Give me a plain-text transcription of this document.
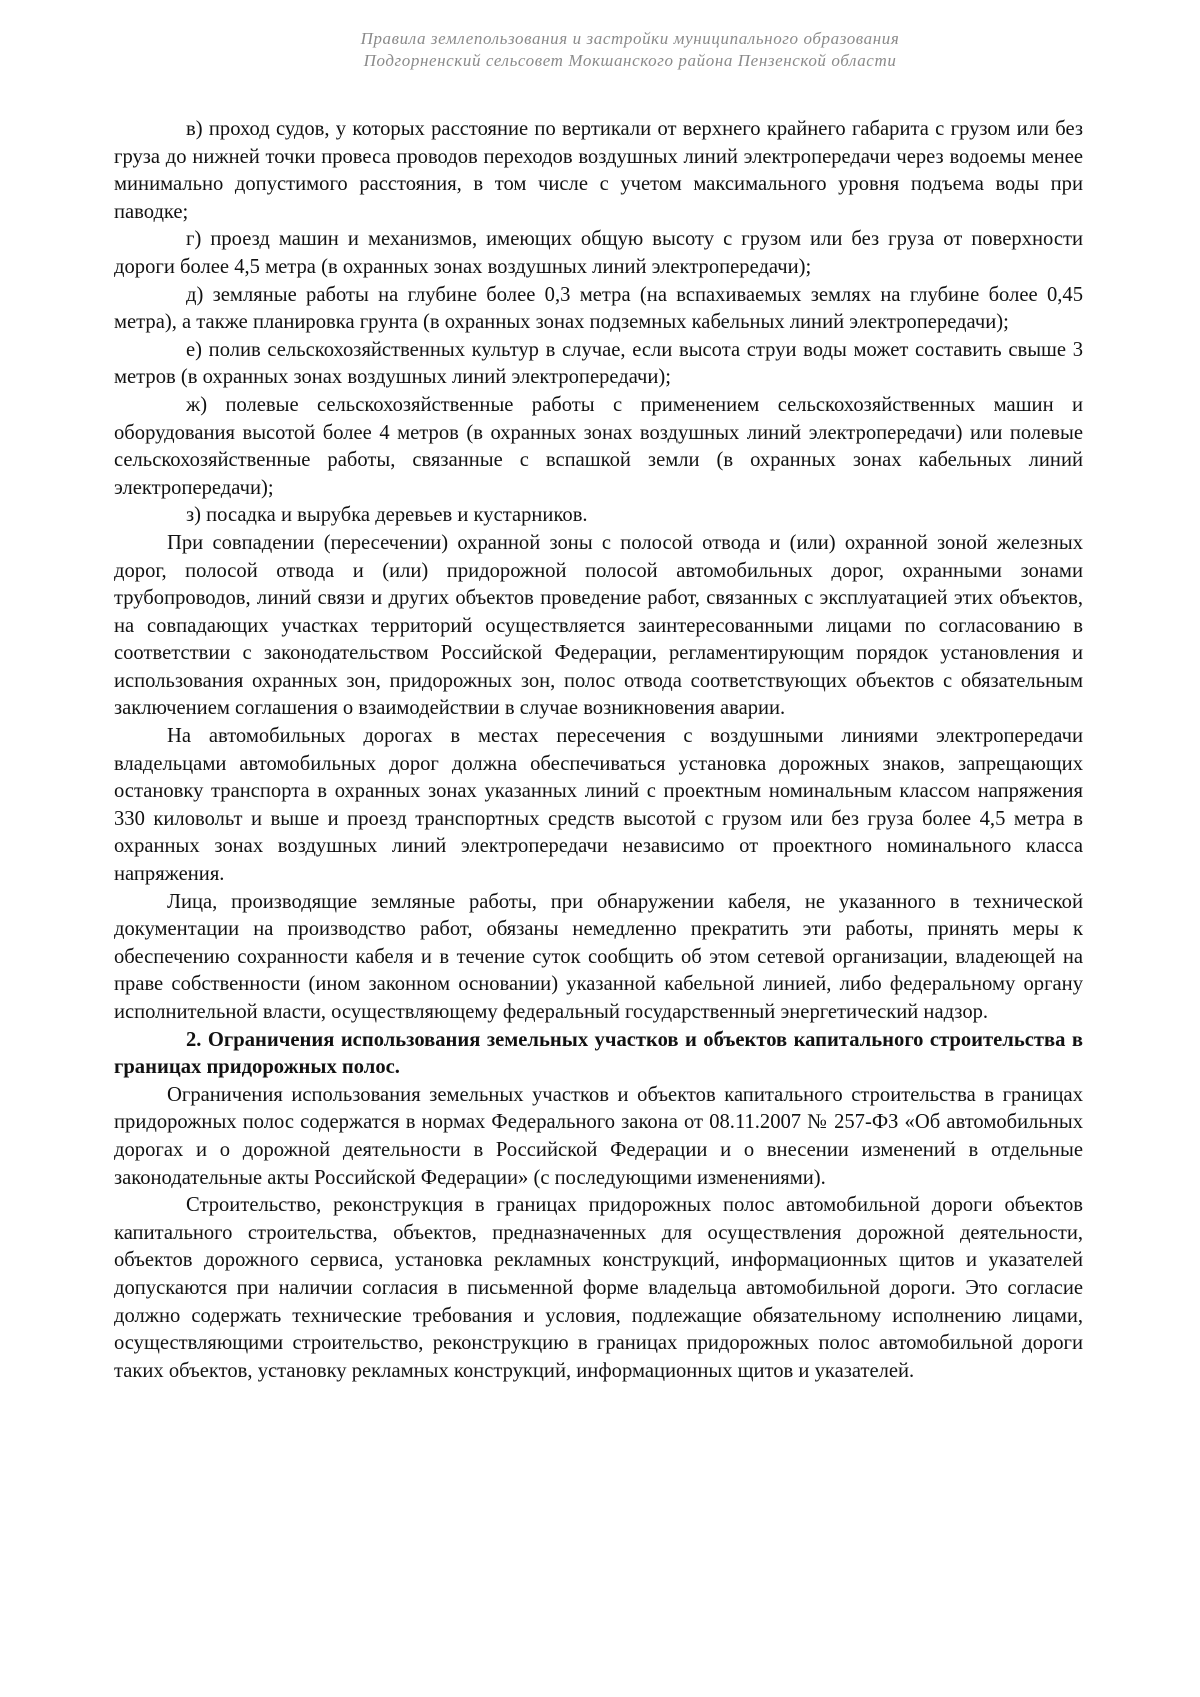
Правила землепользования и застройки муниципального образования
Подгорненский сельсовет Мокшанского района Пензенской области

в) проход судов, у которых расстояние по вертикали от верхнего крайнего габарита с грузом или без груза до нижней точки провеса проводов переходов воздушных линий электропередачи через водоемы менее минимально допустимого расстояния, в том числе с учетом максимального уровня подъема воды при паводке;

г) проезд машин и механизмов, имеющих общую высоту с грузом или без груза от поверхности дороги более 4,5 метра (в охранных зонах воздушных линий электропередачи);

д) земляные работы на глубине более 0,3 метра (на вспахиваемых землях на глубине более 0,45 метра), а также планировка грунта (в охранных зонах подземных кабельных линий электропередачи);

е) полив сельскохозяйственных культур в случае, если высота струи воды может составить свыше 3 метров (в охранных зонах воздушных линий электропередачи);

ж) полевые сельскохозяйственные работы с применением сельскохозяйственных машин и оборудования высотой более 4 метров (в охранных зонах воздушных линий электропередачи) или полевые сельскохозяйственные работы, связанные с вспашкой земли (в охранных зонах кабельных линий электропередачи);

з) посадка и вырубка деревьев и кустарников.

При совпадении (пересечении) охранной зоны с полосой отвода и (или) охранной зоной железных дорог, полосой отвода и (или) придорожной полосой автомобильных дорог, охранными зонами трубопроводов, линий связи и других объектов проведение работ, связанных с эксплуатацией этих объектов, на совпадающих участках территорий осуществляется заинтересованными лицами по согласованию в соответствии с законодательством Российской Федерации, регламентирующим порядок установления и использования охранных зон, придорожных зон, полос отвода соответствующих объектов с обязательным заключением соглашения о взаимодействии в случае возникновения аварии.

На автомобильных дорогах в местах пересечения с воздушными линиями электропередачи владельцами автомобильных дорог должна обеспечиваться установка дорожных знаков, запрещающих остановку транспорта в охранных зонах указанных линий с проектным номинальным классом напряжения 330 киловольт и выше и проезд транспортных средств высотой с грузом или без груза более 4,5 метра в охранных зонах воздушных линий электропередачи независимо от проектного номинального класса напряжения.

Лица, производящие земляные работы, при обнаружении кабеля, не указанного в технической документации на производство работ, обязаны немедленно прекратить эти работы, принять меры к обеспечению сохранности кабеля и в течение суток сообщить об этом сетевой организации, владеющей на праве собственности (ином законном основании) указанной кабельной линией, либо федеральному органу исполнительной власти, осуществляющему федеральный государственный энергетический надзор.

2. Ограничения использования земельных участков и объектов капитального строительства в границах придорожных полос.

Ограничения использования земельных участков и объектов капитального строительства в границах придорожных полос содержатся в нормах Федерального закона от 08.11.2007 № 257-ФЗ «Об автомобильных дорогах и о дорожной деятельности в Российской Федерации и о внесении изменений в отдельные законодательные акты Российской Федерации» (с последующими изменениями).

Строительство, реконструкция в границах придорожных полос автомобильной дороги объектов капитального строительства, объектов, предназначенных для осуществления дорожной деятельности, объектов дорожного сервиса, установка рекламных конструкций, информационных щитов и указателей допускаются при наличии согласия в письменной форме владельца автомобильной дороги. Это согласие должно содержать технические требования и условия, подлежащие обязательному исполнению лицами, осуществляющими строительство, реконструкцию в границах придорожных полос автомобильной дороги таких объектов, установку рекламных конструкций, информационных щитов и указателей.
